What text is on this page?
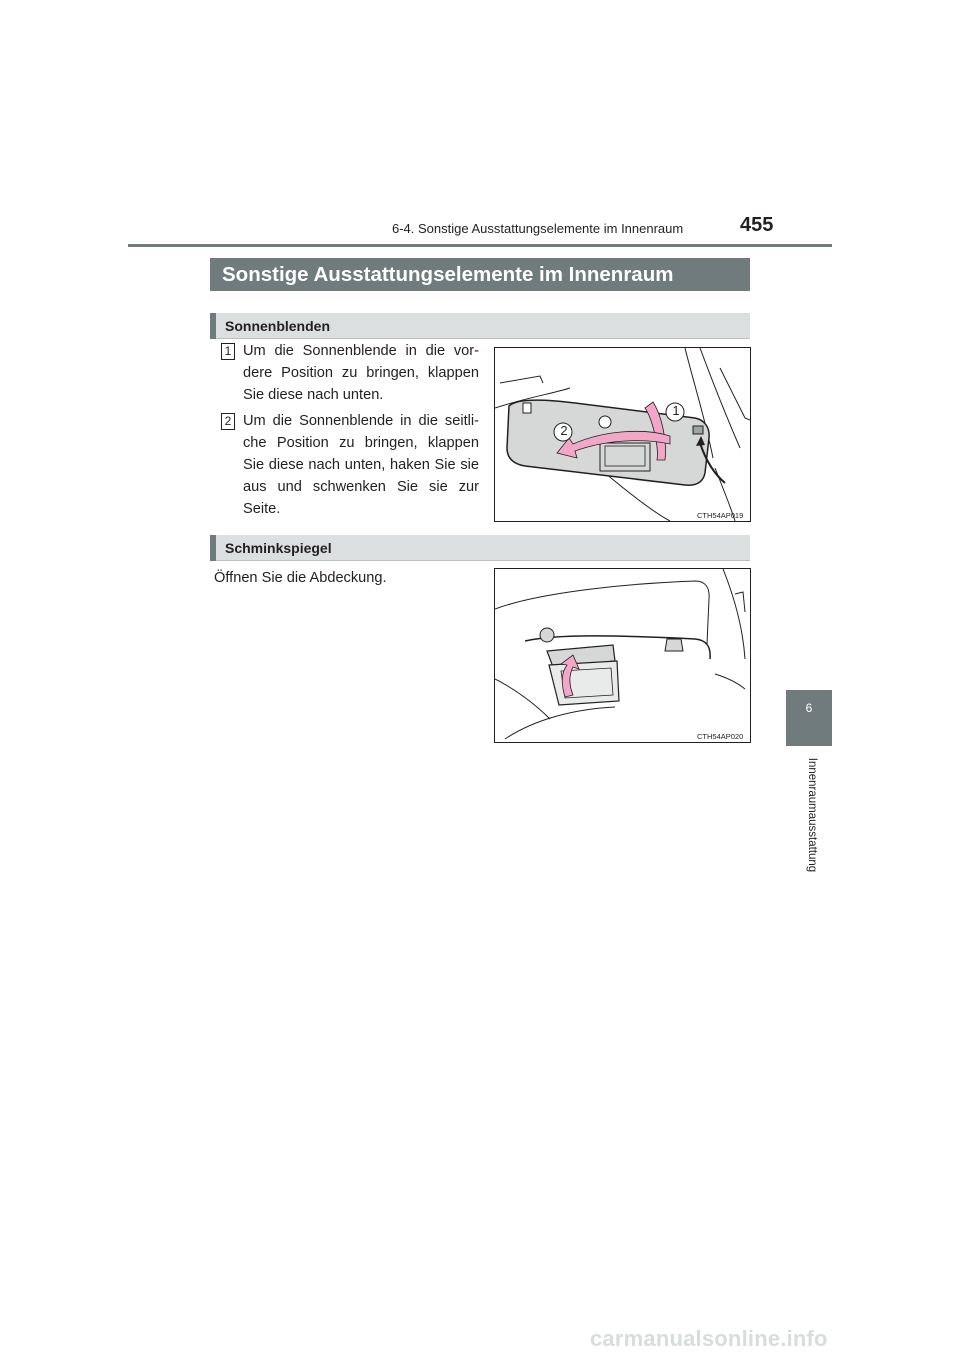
6-4. Sonstige Ausstattungselemente im Innenraum	455
6
Innenraumausstattung
Sonstige Ausstattungselemente im Innenraum
Sonnenblenden
1 Um die Sonnenblende in die vor-dere Position zu bringen, klappen Sie diese nach unten.
2 Um die Sonnenblende in die seitli-che Position zu bringen, klappen Sie diese nach unten, haken Sie sie aus und schwenken Sie sie zur Seite.
1
2
CTH54AP019
Schminkspiegel
Öffnen Sie die Abdeckung.
CTH54AP020
carmanualsonline.info
